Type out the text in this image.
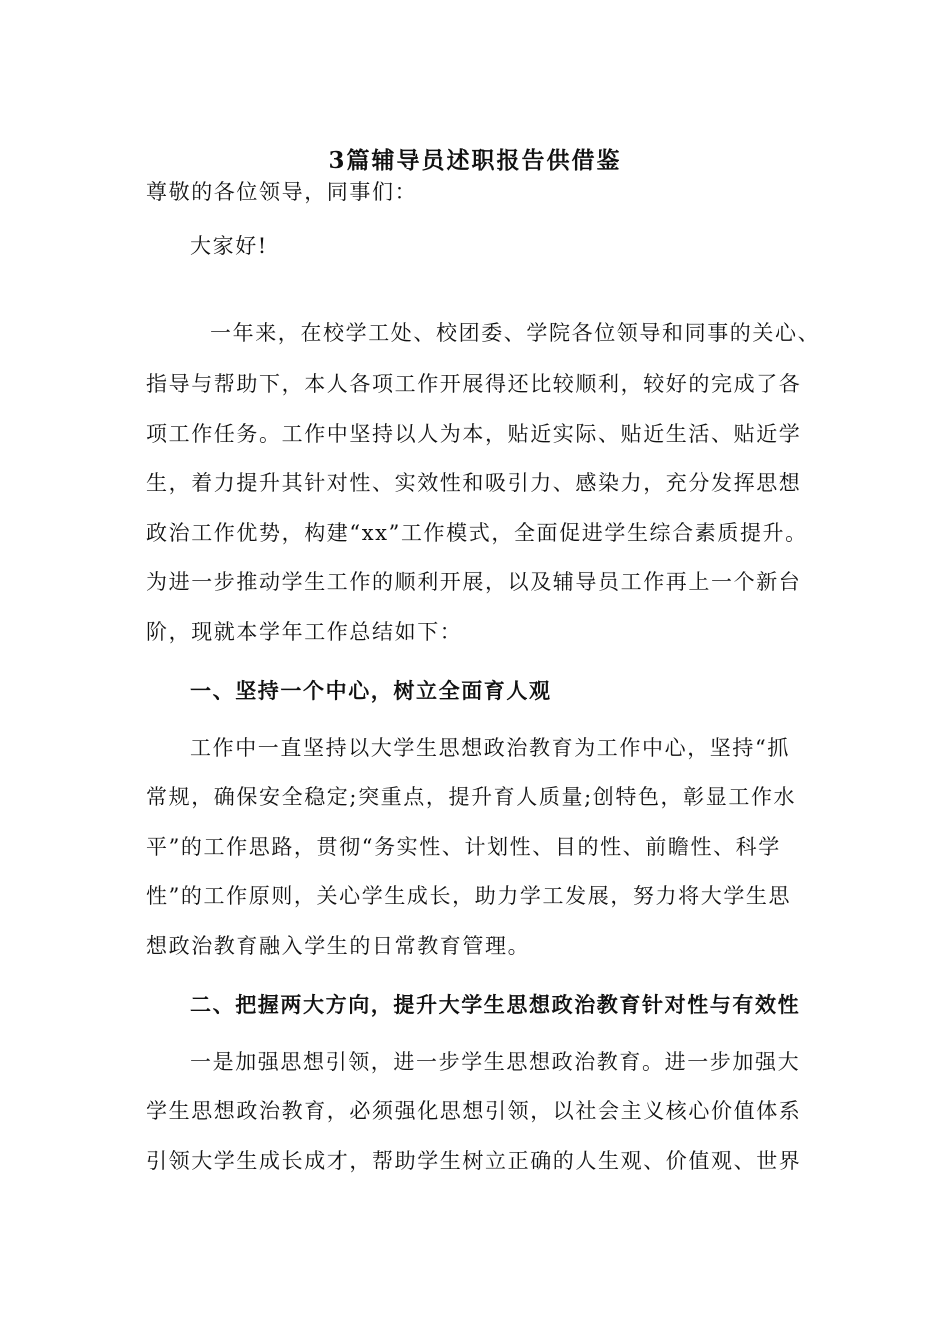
3篇辅导员述职报告供借鉴
尊敬的各位领导，同事们：
大家好!
一年来，在校学工处、校团委、学院各位领导和同事的关心、
指导与帮助下，本人各项工作开展得还比较顺利，较好的完成了各
项工作任务。工作中坚持以人为本，贴近实际、贴近生活、贴近学
生，着力提升其针对性、实效性和吸引力、感染力，充分发挥思想
政治工作优势，构建“xx”工作模式，全面促进学生综合素质提升。
为进一步推动学生工作的顺利开展，以及辅导员工作再上一个新台
阶，现就本学年工作总结如下：
一、坚持一个中心，树立全面育人观
工作中一直坚持以大学生思想政治教育为工作中心，坚持“抓
常规，确保安全稳定;突重点，提升育人质量;创特色，彰显工作水
平”的工作思路，贯彻“务实性、计划性、目的性、前瞻性、科学
性”的工作原则，关心学生成长，助力学工发展，努力将大学生思
想政治教育融入学生的日常教育管理。
二、把握两大方向，提升大学生思想政治教育针对性与有效性
一是加强思想引领，进一步学生思想政治教育。进一步加强大
学生思想政治教育，必须强化思想引领，以社会主义核心价值体系
引领大学生成长成才，帮助学生树立正确的人生观、价值观、世界
